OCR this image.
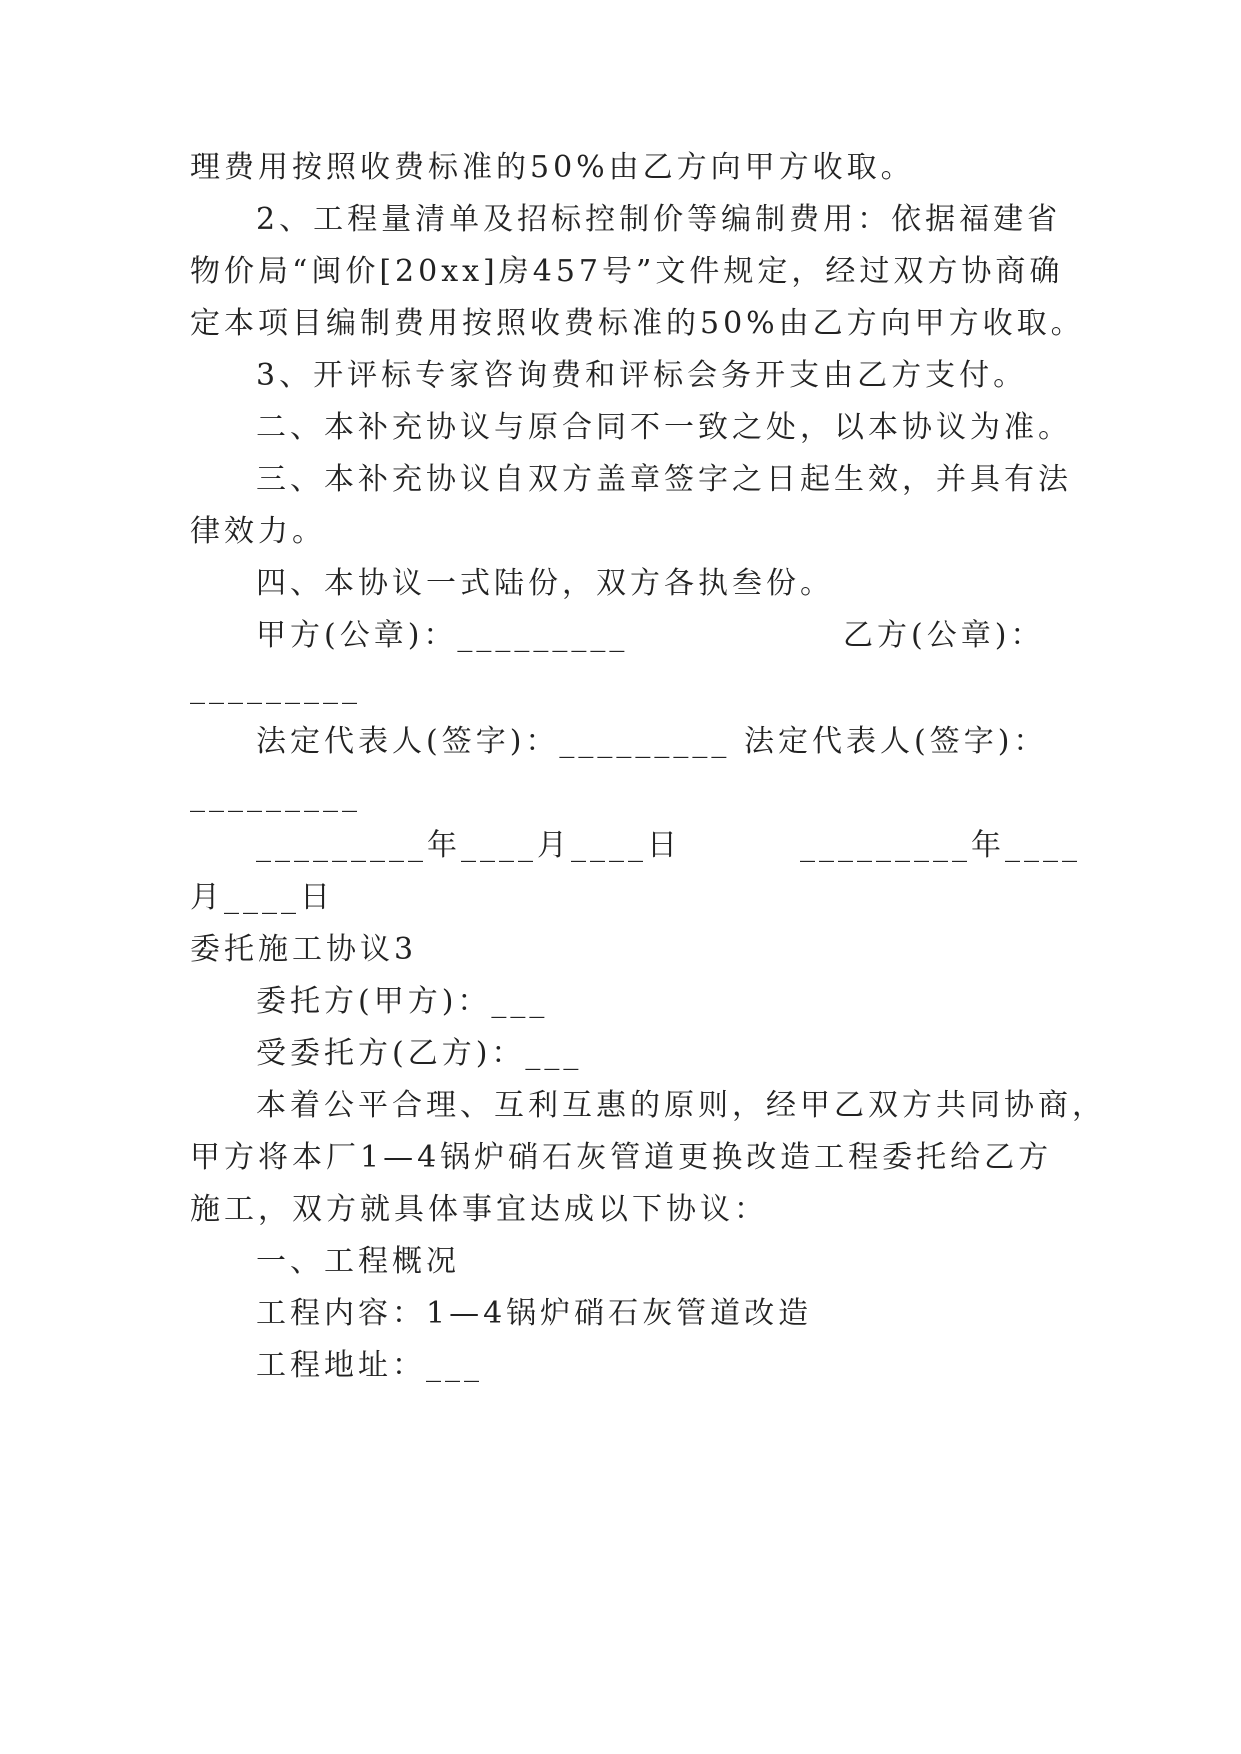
理费用按照收费标准的50%由乙方向甲方收取。
2、工程量清单及招标控制价等编制费用：依据福建省
物价局“闽价[20xx]房457号”文件规定，经过双方协商确
定本项目编制费用按照收费标准的50%由乙方向甲方收取。
3、开评标专家咨询费和评标会务开支由乙方支付。
二、本补充协议与原合同不一致之处，以本协议为准。
三、本补充协议自双方盖章签字之日起生效，并具有法
律效力。
四、本协议一式陆份，双方各执叁份。
甲方(公章)：_________	乙方(公章)：
_________
法定代表人(签字)：_________ 法定代表人(签字)：
_________
_________年____月____日	_________年____
月____日
委托施工协议3
委托方(甲方)：___
受委托方(乙方)：___
本着公平合理、互利互惠的原则，经甲乙双方共同协商，
甲方将本厂1—4锅炉硝石灰管道更换改造工程委托给乙方
施工，双方就具体事宜达成以下协议：
一、工程概况
工程内容：1—4锅炉硝石灰管道改造
工程地址：___
